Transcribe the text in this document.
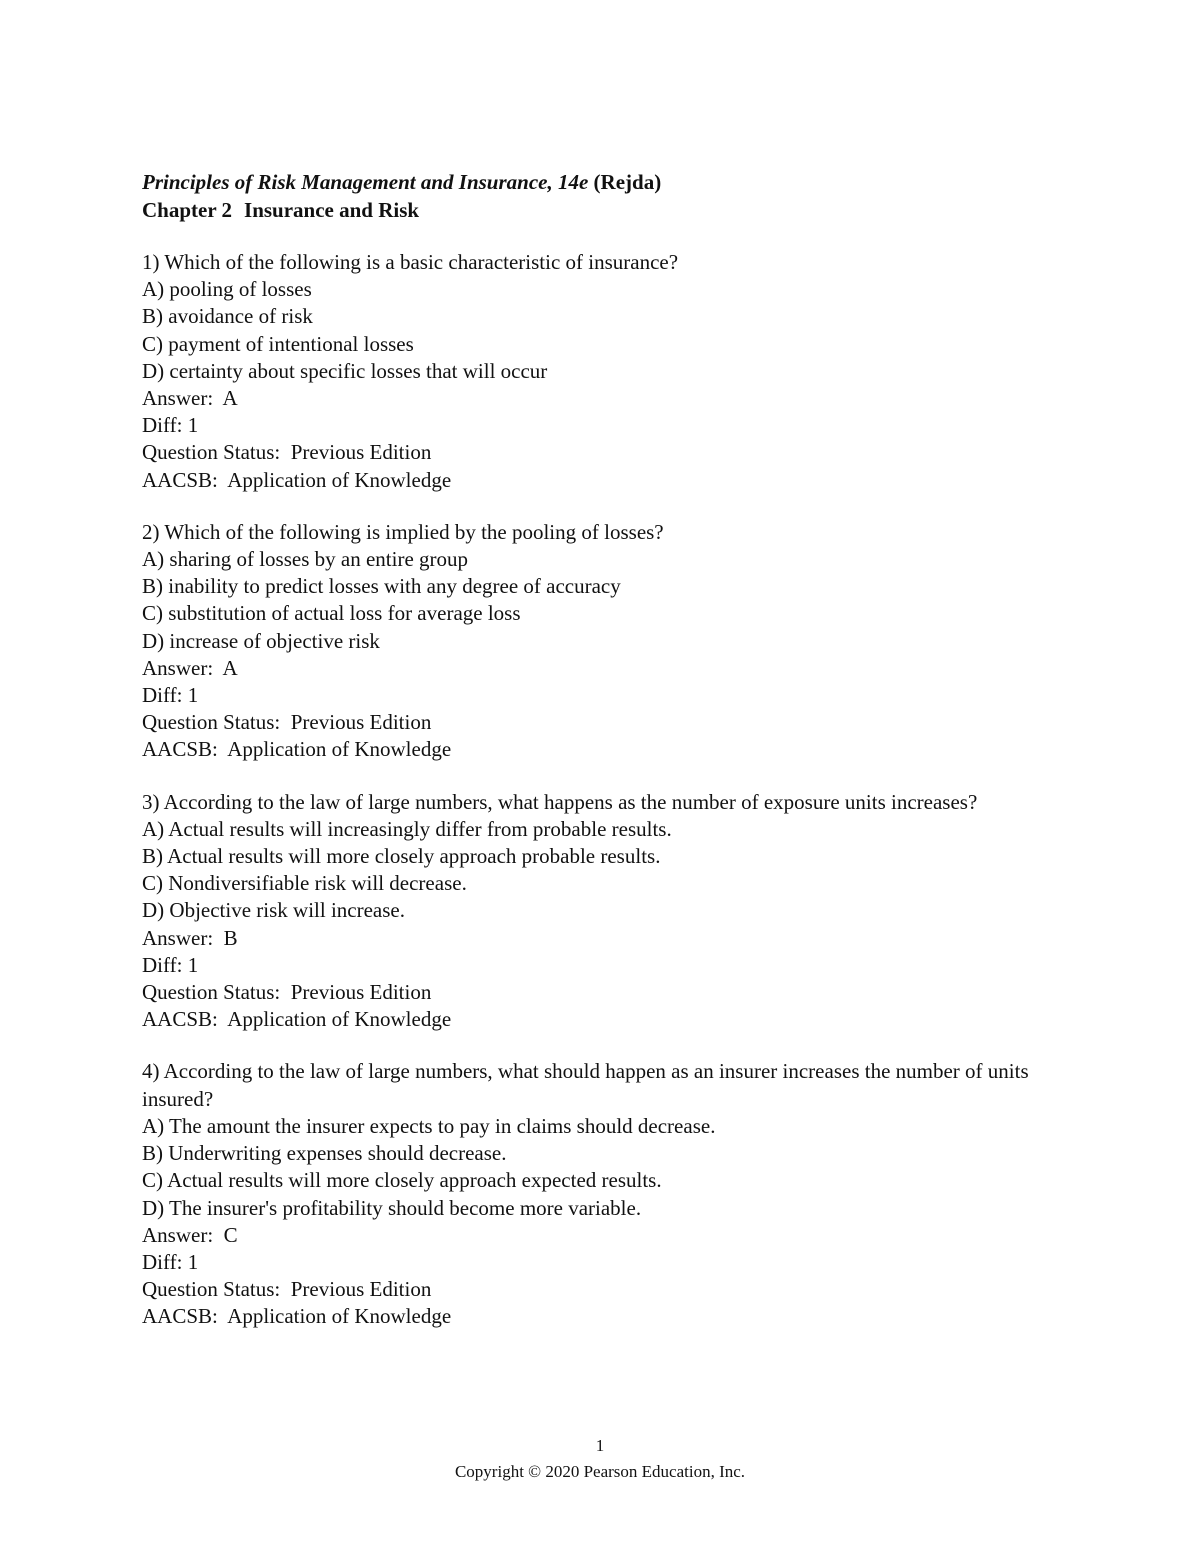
Principles of Risk Management and Insurance, 14e (Rejda)
Chapter 2 Insurance and Risk
1) Which of the following is a basic characteristic of insurance?
A) pooling of losses
B) avoidance of risk
C) payment of intentional losses
D) certainty about specific losses that will occur
Answer:  A
Diff: 1
Question Status:  Previous Edition
AACSB:  Application of Knowledge
2) Which of the following is implied by the pooling of losses?
A) sharing of losses by an entire group
B) inability to predict losses with any degree of accuracy
C) substitution of actual loss for average loss
D) increase of objective risk
Answer:  A
Diff: 1
Question Status:  Previous Edition
AACSB:  Application of Knowledge
3) According to the law of large numbers, what happens as the number of exposure units increases?
A) Actual results will increasingly differ from probable results.
B) Actual results will more closely approach probable results.
C) Nondiversifiable risk will decrease.
D) Objective risk will increase.
Answer:  B
Diff: 1
Question Status:  Previous Edition
AACSB:  Application of Knowledge
4) According to the law of large numbers, what should happen as an insurer increases the number of units insured?
A) The amount the insurer expects to pay in claims should decrease.
B) Underwriting expenses should decrease.
C) Actual results will more closely approach expected results.
D) The insurer's profitability should become more variable.
Answer:  C
Diff: 1
Question Status:  Previous Edition
AACSB:  Application of Knowledge
1
Copyright © 2020 Pearson Education, Inc.
